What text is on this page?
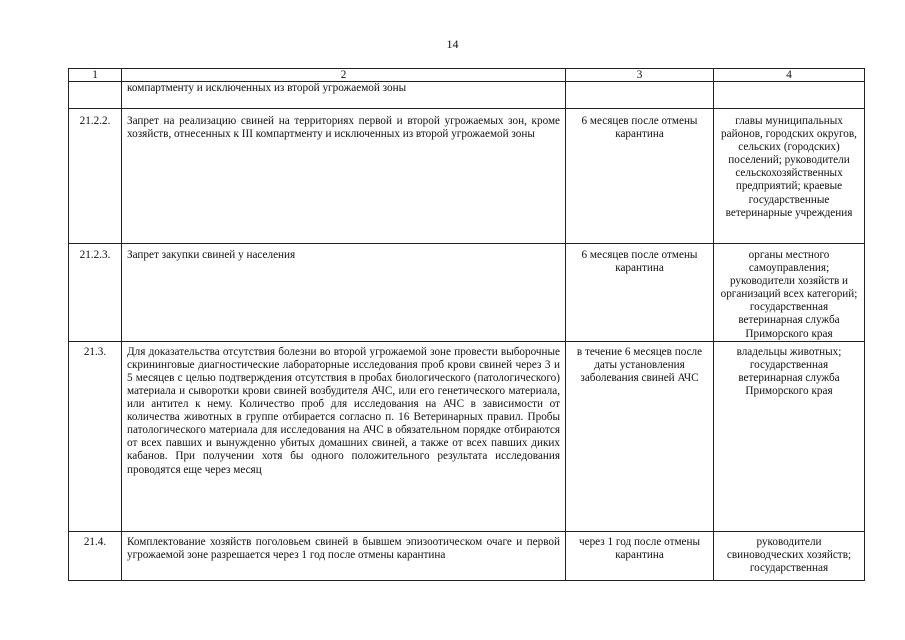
14
1	2	3	4
	компартменту и исключенных из второй угрожаемой зоны		
21.2.2.	Запрет на реализацию свиней на территориях первой и второй угрожаемых зон, кроме хозяйств, отнесенных к III компартменту и исключенных из второй угрожаемой зоны	6 месяцев после отмены карантина	главы муниципальных районов, городских округов, сельских (городских) поселений; руководители сельскохозяйственных предприятий; краевые государственные ветеринарные учреждения
21.2.3.	Запрет закупки свиней у населения	6 месяцев после отмены карантина	органы местного самоуправления; руководители хозяйств и организаций всех категорий; государственная ветеринарная служба Приморского края
21.3.	Для доказательства отсутствия болезни во второй угрожаемой зоне провести выборочные скрининговые диагностические лабораторные исследования проб крови свиней через 3 и 5 месяцев с целью подтверждения отсутствия в пробах биологического (патологического) материала и сыворотки крови свиней возбудителя АЧС, или его генетического материала, или антител к нему. Количество проб для исследования на АЧС в зависимости от количества животных в группе отбирается согласно п. 16 Ветеринарных правил. Пробы патологического материала для исследования на АЧС в обязательном порядке отбираются от всех павших и вынужденно убитых домашних свиней, а также от всех павших диких кабанов. При получении хотя бы одного положительного результата исследования проводятся еще через месяц	в течение 6 месяцев после даты установления заболевания свиней АЧС	владельцы животных; государственная ветеринарная служба Приморского края
21.4.	Комплектование хозяйств поголовьем свиней в бывшем эпизоотическом очаге и первой угрожаемой зоне разрешается через 1 год после отмены карантина	через 1 год после отмены карантина	руководители свиноводческих хозяйств; государственная
